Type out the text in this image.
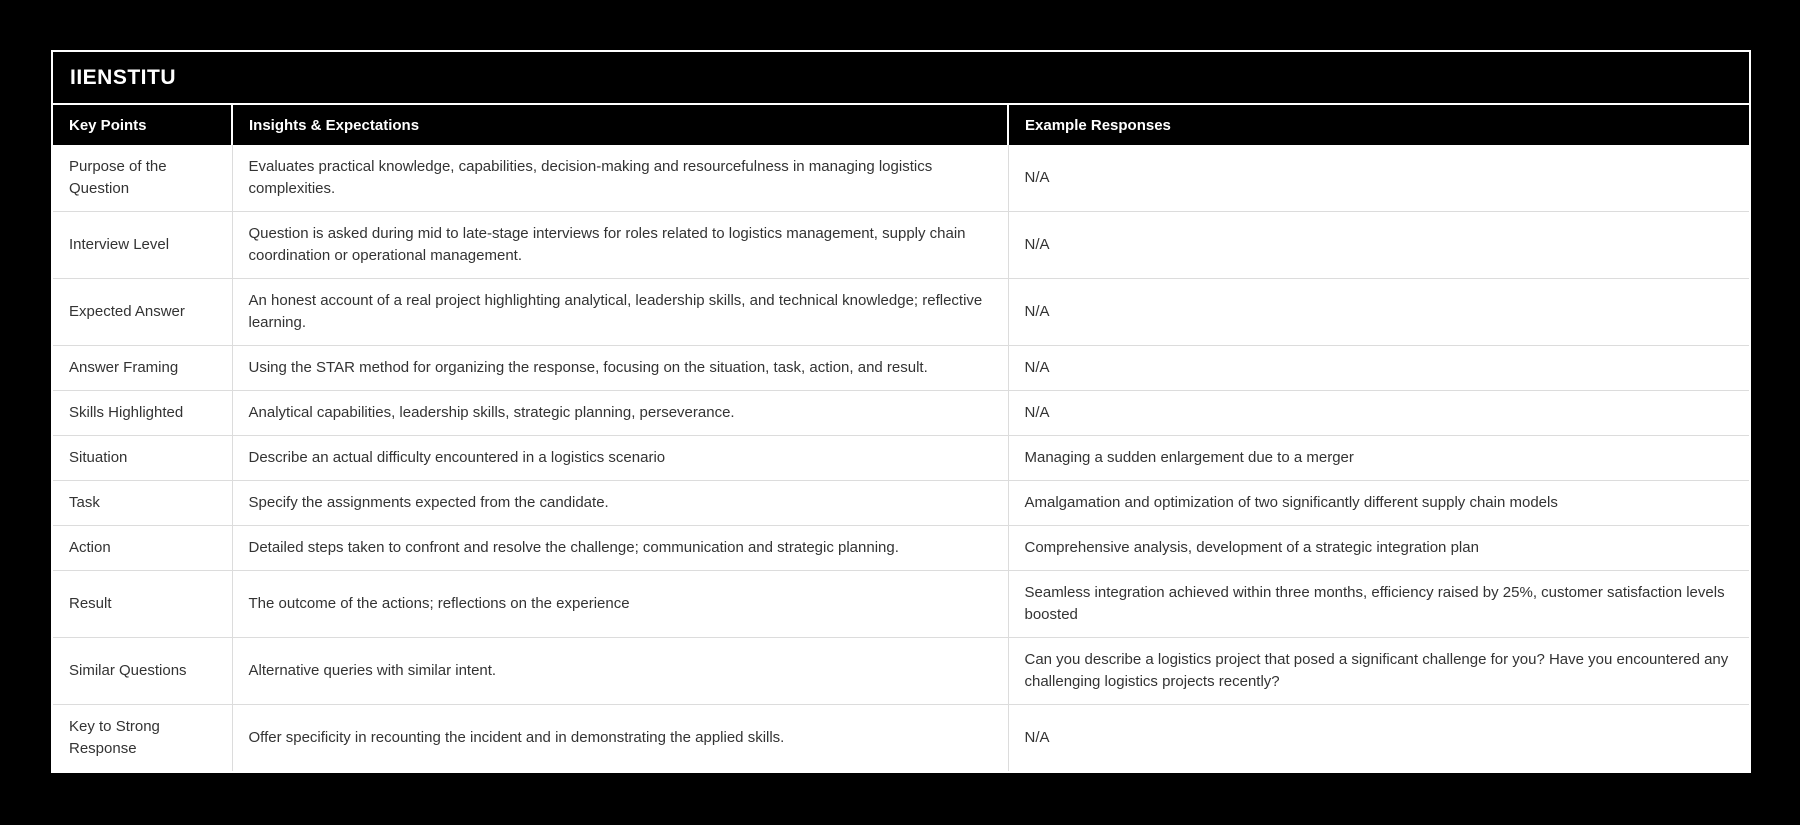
IIENSTITU
Key Points	Insights & Expectations	Example Responses
Purpose of the Question	Evaluates practical knowledge, capabilities, decision-making and resourcefulness in managing logistics complexities.	N/A
Interview Level	Question is asked during mid to late-stage interviews for roles related to logistics management, supply chain coordination or operational management.	N/A
Expected Answer	An honest account of a real project highlighting analytical, leadership skills, and technical knowledge; reflective learning.	N/A
Answer Framing	Using the STAR method for organizing the response, focusing on the situation, task, action, and result.	N/A
Skills Highlighted	Analytical capabilities, leadership skills, strategic planning, perseverance.	N/A
Situation	Describe an actual difficulty encountered in a logistics scenario	Managing a sudden enlargement due to a merger
Task	Specify the assignments expected from the candidate.	Amalgamation and optimization of two significantly different supply chain models
Action	Detailed steps taken to confront and resolve the challenge; communication and strategic planning.	Comprehensive analysis, development of a strategic integration plan
Result	The outcome of the actions; reflections on the experience	Seamless integration achieved within three months, efficiency raised by 25%, customer satisfaction levels boosted
Similar Questions	Alternative queries with similar intent.	Can you describe a logistics project that posed a significant challenge for you? Have you encountered any challenging logistics projects recently?
Key to Strong Response	Offer specificity in recounting the incident and in demonstrating the applied skills.	N/A
